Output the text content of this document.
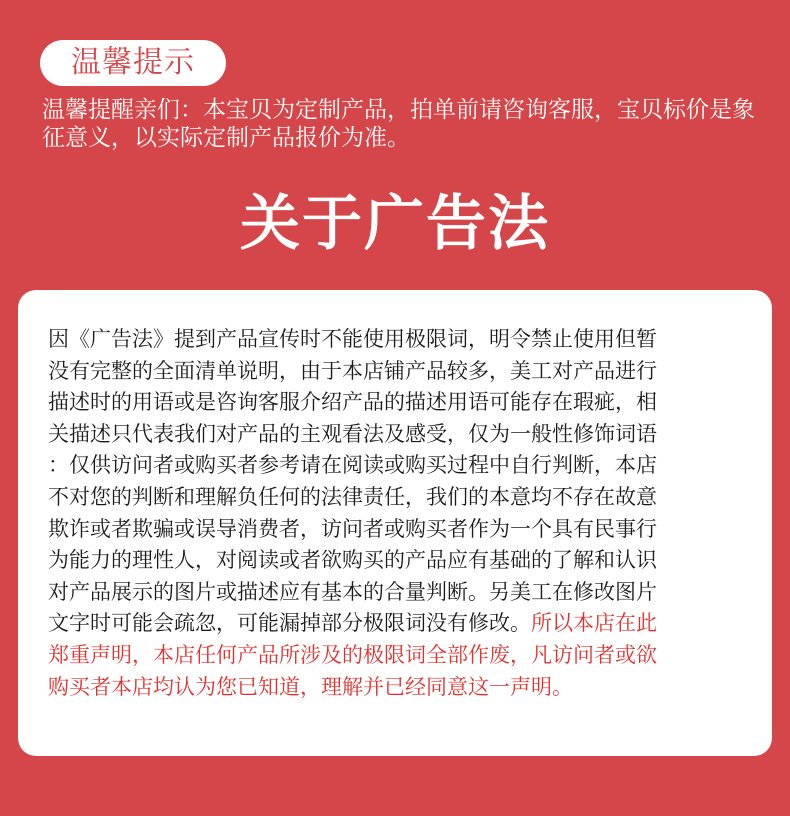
温馨提示
温馨提醒亲们：本宝贝为定制产品，拍单前请咨询客服，宝贝标价是象征意义，以实际定制产品报价为准。
关于广告法
因《广告法》提到产品宣传时不能使用极限词，明令禁止使用但暂
没有完整的全面清单说明，由于本店铺产品较多，美工对产品进行
描述时的用语或是咨询客服介绍产品的描述用语可能存在瑕疵，相
关描述只代表我们对产品的主观看法及感受，仅为一般性修饰词语
：仅供访问者或购买者参考请在阅读或购买过程中自行判断，本店
不对您的判断和理解负任何的法律责任，我们的本意均不存在故意
欺诈或者欺骗或误导消费者，访问者或购买者作为一个具有民事行
为能力的理性人，对阅读或者欲购买的产品应有基础的了解和认识
对产品展示的图片或描述应有基本的合量判断。另美工在修改图片
文字时可能会疏忽，可能漏掉部分极限词没有修改。所以本店在此
郑重声明，本店任何产品所涉及的极限词全部作废，凡访问者或欲
购买者本店均认为您已知道，理解并已经同意这一声明。
